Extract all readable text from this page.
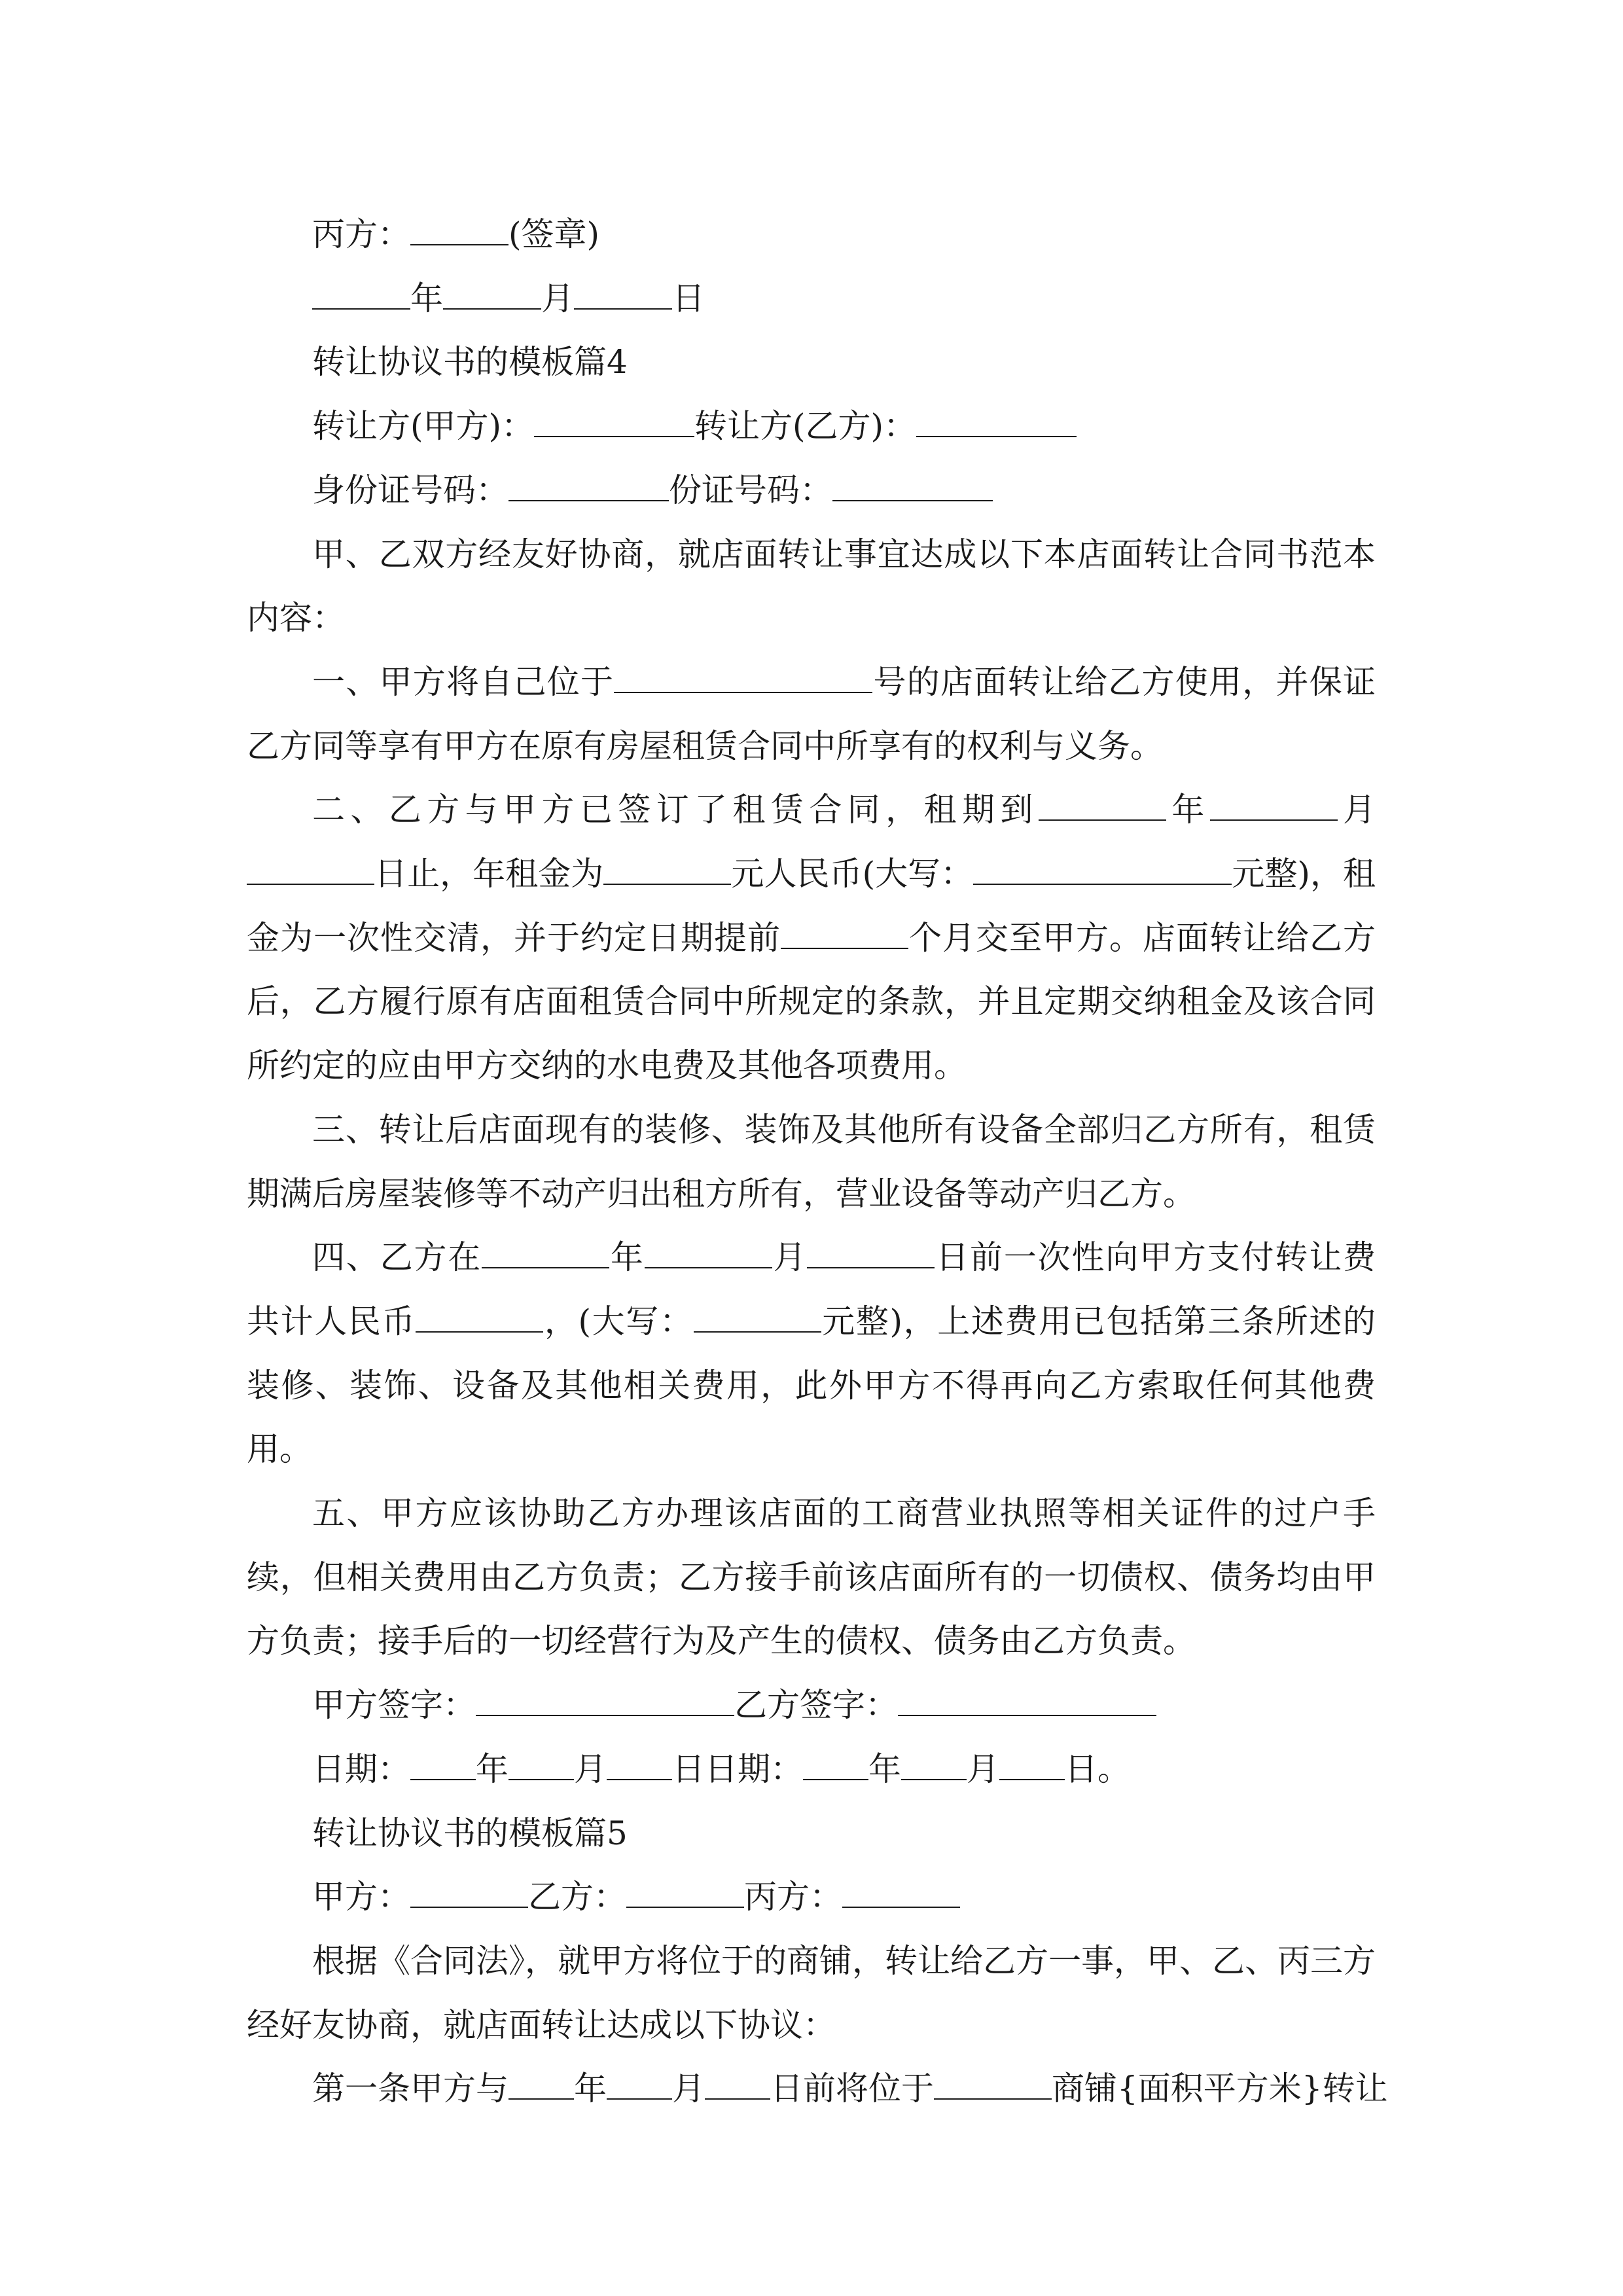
丙方：	(签章)

年	月	日

转让协议书的模板篇4

转让方(甲方)：	转让方(乙方)：

身份证号码：	份证号码：

甲、乙双方经友好协商，就店面转让事宜达成以下本店面转让合同书范本内容：

一、甲方将自己位于	号的店面转让给乙方使用，并保证乙方同等享有甲方在原有房屋租赁合同中所享有的权利与义务。

二、乙方与甲方已签订了租赁合同，租期到	年	月日止，年租金为	元人民币(大写：	元整)，租金为一次性交清，并于约定日期提前	个月交至甲方。店面转让给乙方后，乙方履行原有店面租赁合同中所规定的条款，并且定期交纳租金及该合同所约定的应由甲方交纳的水电费及其他各项费用。

三、转让后店面现有的装修、装饰及其他所有设备全部归乙方所有，租赁期满后房屋装修等不动产归出租方所有，营业设备等动产归乙方。

四、乙方在	年	月	日前一次性向甲方支付转让费共计人民币	，(大写：	元整)，上述费用已包括第三条所述的装修、装饰、设备及其他相关费用，此外甲方不得再向乙方索取任何其他费用。

五、甲方应该协助乙方办理该店面的工商营业执照等相关证件的过户手续，但相关费用由乙方负责；乙方接手前该店面所有的一切债权、债务均由甲方负责；接手后的一切经营行为及产生的债权、债务由乙方负责。

甲方签字：	乙方签字：

日期： 年 月 日日期： 年 月 日。

转让协议书的模板篇5

甲方：	乙方：	丙方：

根据《合同法》，就甲方将位于的商铺，转让给乙方一事，甲、乙、丙三方经好友协商，就店面转让达成以下协议：

第一条甲方与 年 月 日前将位于	商铺{面积平方米}转让
